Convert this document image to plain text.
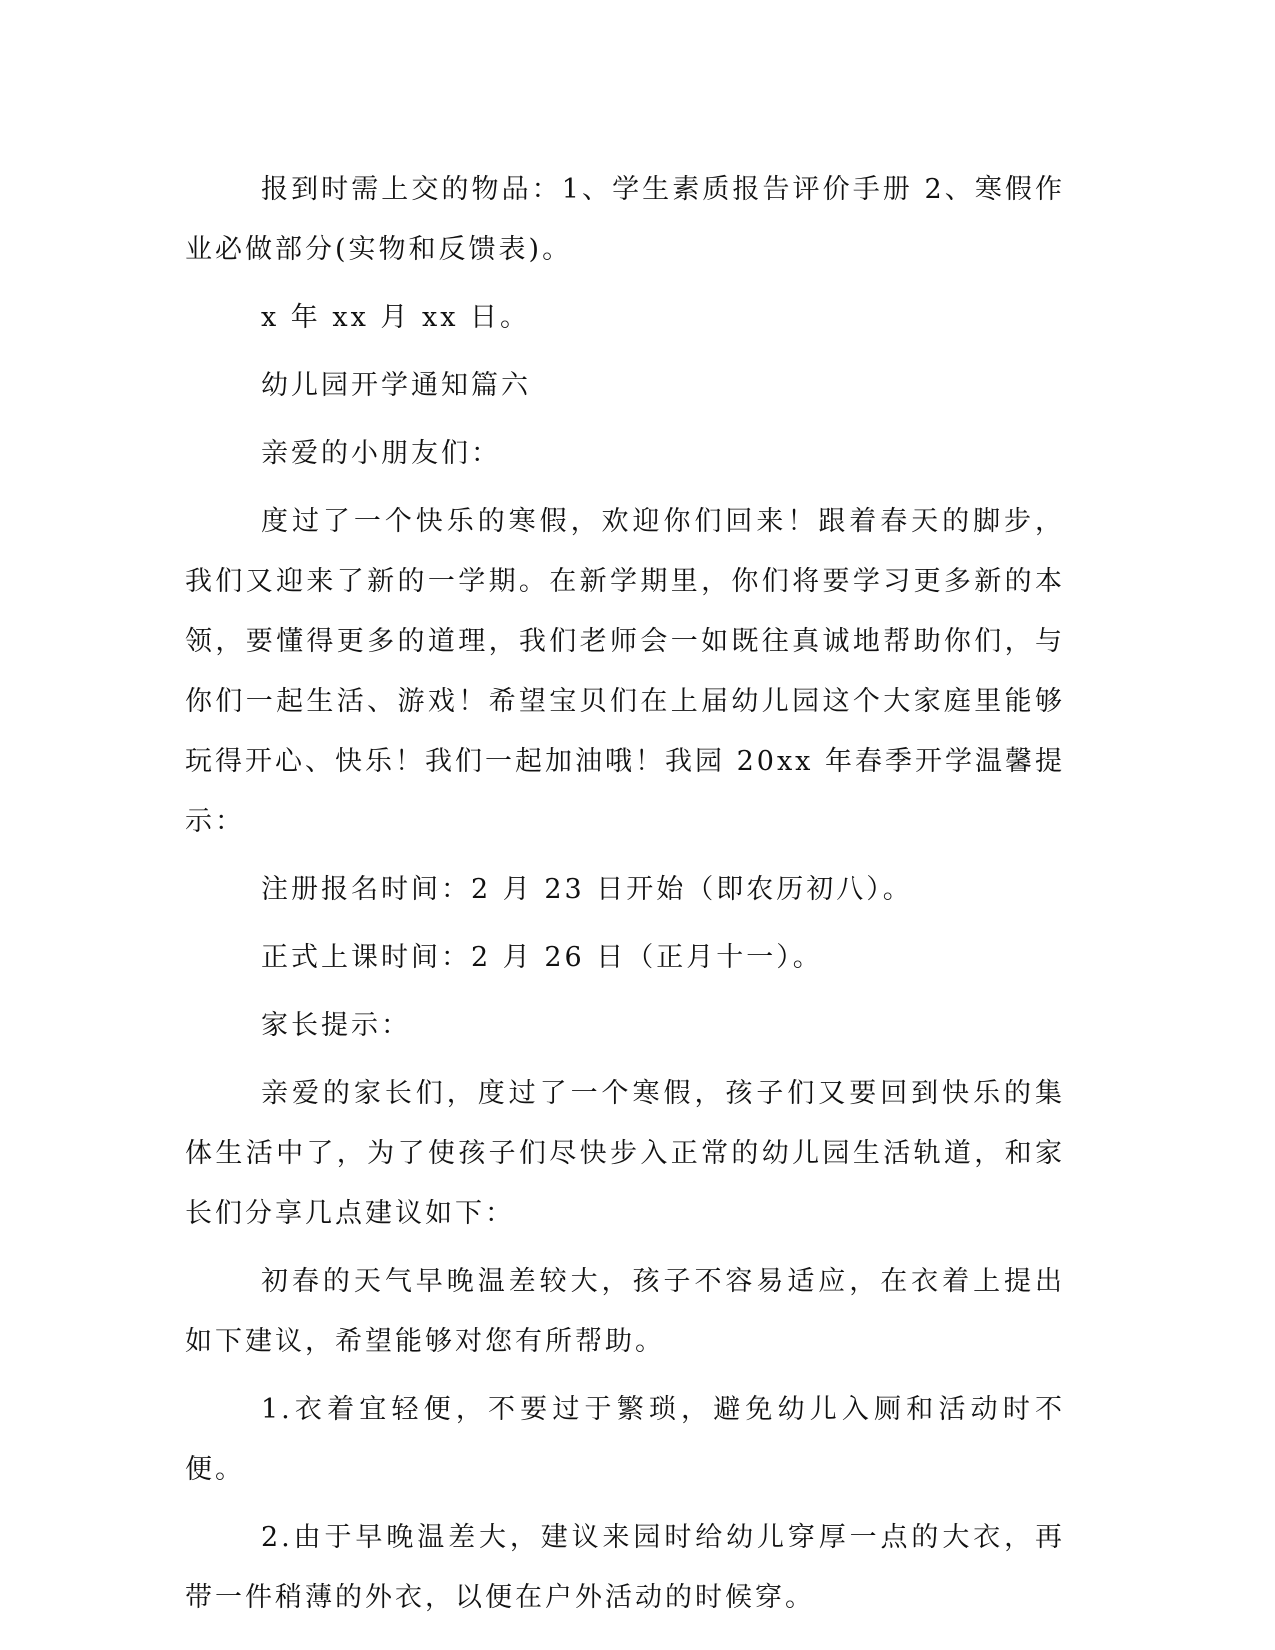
报到时需上交的物品：1、学生素质报告评价手册 2、寒假作业必做部分(实物和反馈表)。

x 年 xx 月 xx 日。

幼儿园开学通知篇六

亲爱的小朋友们：

度过了一个快乐的寒假，欢迎你们回来！跟着春天的脚步，我们又迎来了新的一学期。在新学期里，你们将要学习更多新的本领，要懂得更多的道理，我们老师会一如既往真诚地帮助你们，与你们一起生活、游戏！希望宝贝们在上届幼儿园这个大家庭里能够玩得开心、快乐！我们一起加油哦！我园 20xx 年春季开学温馨提示：

注册报名时间：2 月 23 日开始（即农历初八）。

正式上课时间：2 月 26 日（正月十一）。

家长提示：

亲爱的家长们，度过了一个寒假，孩子们又要回到快乐的集体生活中了，为了使孩子们尽快步入正常的幼儿园生活轨道，和家长们分享几点建议如下：

初春的天气早晚温差较大，孩子不容易适应，在衣着上提出如下建议，希望能够对您有所帮助。

1.衣着宜轻便，不要过于繁琐，避免幼儿入厕和活动时不便。

2.由于早晚温差大，建议来园时给幼儿穿厚一点的大衣，再带一件稍薄的外衣，以便在户外活动的时候穿。
